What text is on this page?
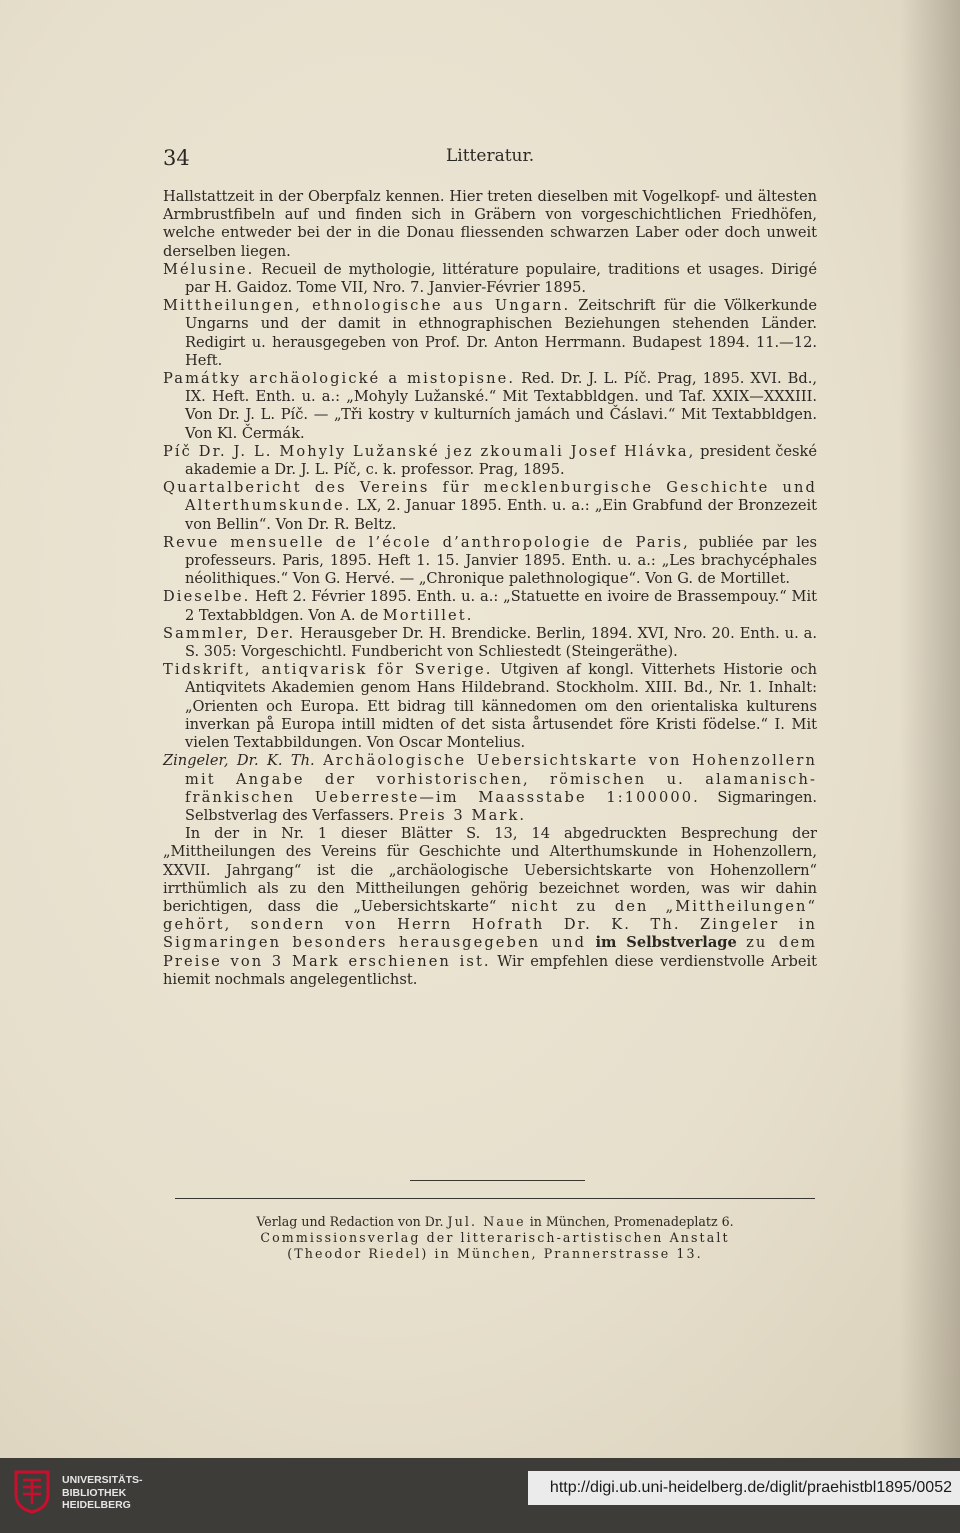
34	Litteratur.

Hallstattzeit in der Oberpfalz kennen. Hier treten dieselben mit Vogelkopf- und ältesten Armbrustfibeln auf und finden sich in Gräbern von vorgeschichtlichen Friedhöfen, welche entweder bei der in die Donau fliessenden schwarzen Laber oder doch unweit derselben liegen.

Mélusine. Recueil de mythologie, littérature populaire, traditions et usages. Dirigé par H. Gaidoz. Tome VII, Nro. 7. Janvier-Février 1895.

Mittheilungen, ethnologische aus Ungarn. Zeitschrift für die Völkerkunde Ungarns und der damit in ethnographischen Beziehungen stehenden Länder. Redigirt u. herausgegeben von Prof. Dr. Anton Herrmann. Budapest 1894. 11.—12. Heft.

Památky archäologické a mistopisne. Red. Dr. J. L. Píč. Prag, 1895. XVI. Bd., IX. Heft. Enth. u. a.: „Mohyly Lužanské.“ Mit Textabbldgen. und Taf. XXIX—XXXIII. Von Dr. J. L. Píč. — „Tři kostry v kulturních jamách und Čáslavi.“ Mit Textabbldgen. Von Kl. Čermák.

Píč Dr. J. L. Mohyly Lužanské jez zkoumali Josef Hlávka, president české akademie a Dr. J. L. Píč, c. k. professor. Prag, 1895.

Quartalbericht des Vereins für mecklenburgische Geschichte und Alterthumskunde. LX, 2. Januar 1895. Enth. u. a.: „Ein Grabfund der Bronzezeit von Bellin“. Von Dr. R. Beltz.

Revue mensuelle de l’école d’anthropologie de Paris, publiée par les professeurs. Paris, 1895. Heft 1. 15. Janvier 1895. Enth. u. a.: „Les brachycéphales néolithiques.“ Von G. Hervé. — „Chronique palethnologique“. Von G. de Mortillet.

Dieselbe. Heft 2. Février 1895. Enth. u. a.: „Statuette en ivoire de Brassempouy.“ Mit 2 Textabbldgen. Von A. de Mortillet.

Sammler, Der. Herausgeber Dr. H. Brendicke. Berlin, 1894. XVI, Nro. 20. Enth. u. a. S. 305: Vorgeschichtl. Fundbericht von Schliestedt (Steingeräthe).

Tidskrift, antiqvarisk för Sverige. Utgiven af kongl. Vitterhets Historie och Antiqvitets Akademien genom Hans Hildebrand. Stockholm. XIII. Bd., Nr. 1. Inhalt: „Orienten och Europa. Ett bidrag till kännedomen om den orientaliska kulturens inverkan på Europa intill midten of det sista årtusendet före Kristi födelse.“ I. Mit vielen Textabbildungen. Von Oscar Montelius.

Zingeler, Dr. K. Th. Archäologische Uebersichtskarte von Hohenzollern mit Angabe der vorhistorischen, römischen u. alamanisch-fränkischen Ueberreste—im Maassstabe 1:100000. Sigmaringen. Selbstverlag des Verfassers. Preis 3 Mark.

In der in Nr. 1 dieser Blätter S. 13, 14 abgedruckten Besprechung der „Mittheilungen des Vereins für Geschichte und Alterthumskunde in Hohenzollern, XXVII. Jahrgang“ ist die „archäologische Uebersichtskarte von Hohenzollern“ irrthümlich als zu den Mittheilungen gehörig bezeichnet worden, was wir dahin berichtigen, dass die „Uebersichtskarte“ nicht zu den „Mittheilungen“ gehört, sondern von Herrn Hofrath Dr. K. Th. Zingeler in Sigmaringen besonders herausgegeben und im Selbstverlage zu dem Preise von 3 Mark erschienen ist. Wir empfehlen diese verdienstvolle Arbeit hiemit nochmals angelegentlichst.

Verlag und Redaction von Dr. Jul. Naue in München, Promenadeplatz 6.
Commissionsverlag der litterarisch-artistischen Anstalt
(Theodor Riedel) in München, Prannerstrasse 13.
UNIVERSITÄTS-
BIBLIOTHEK
HEIDELBERG
http://digi.ub.uni-heidelberg.de/diglit/praehistbl1895/0052
